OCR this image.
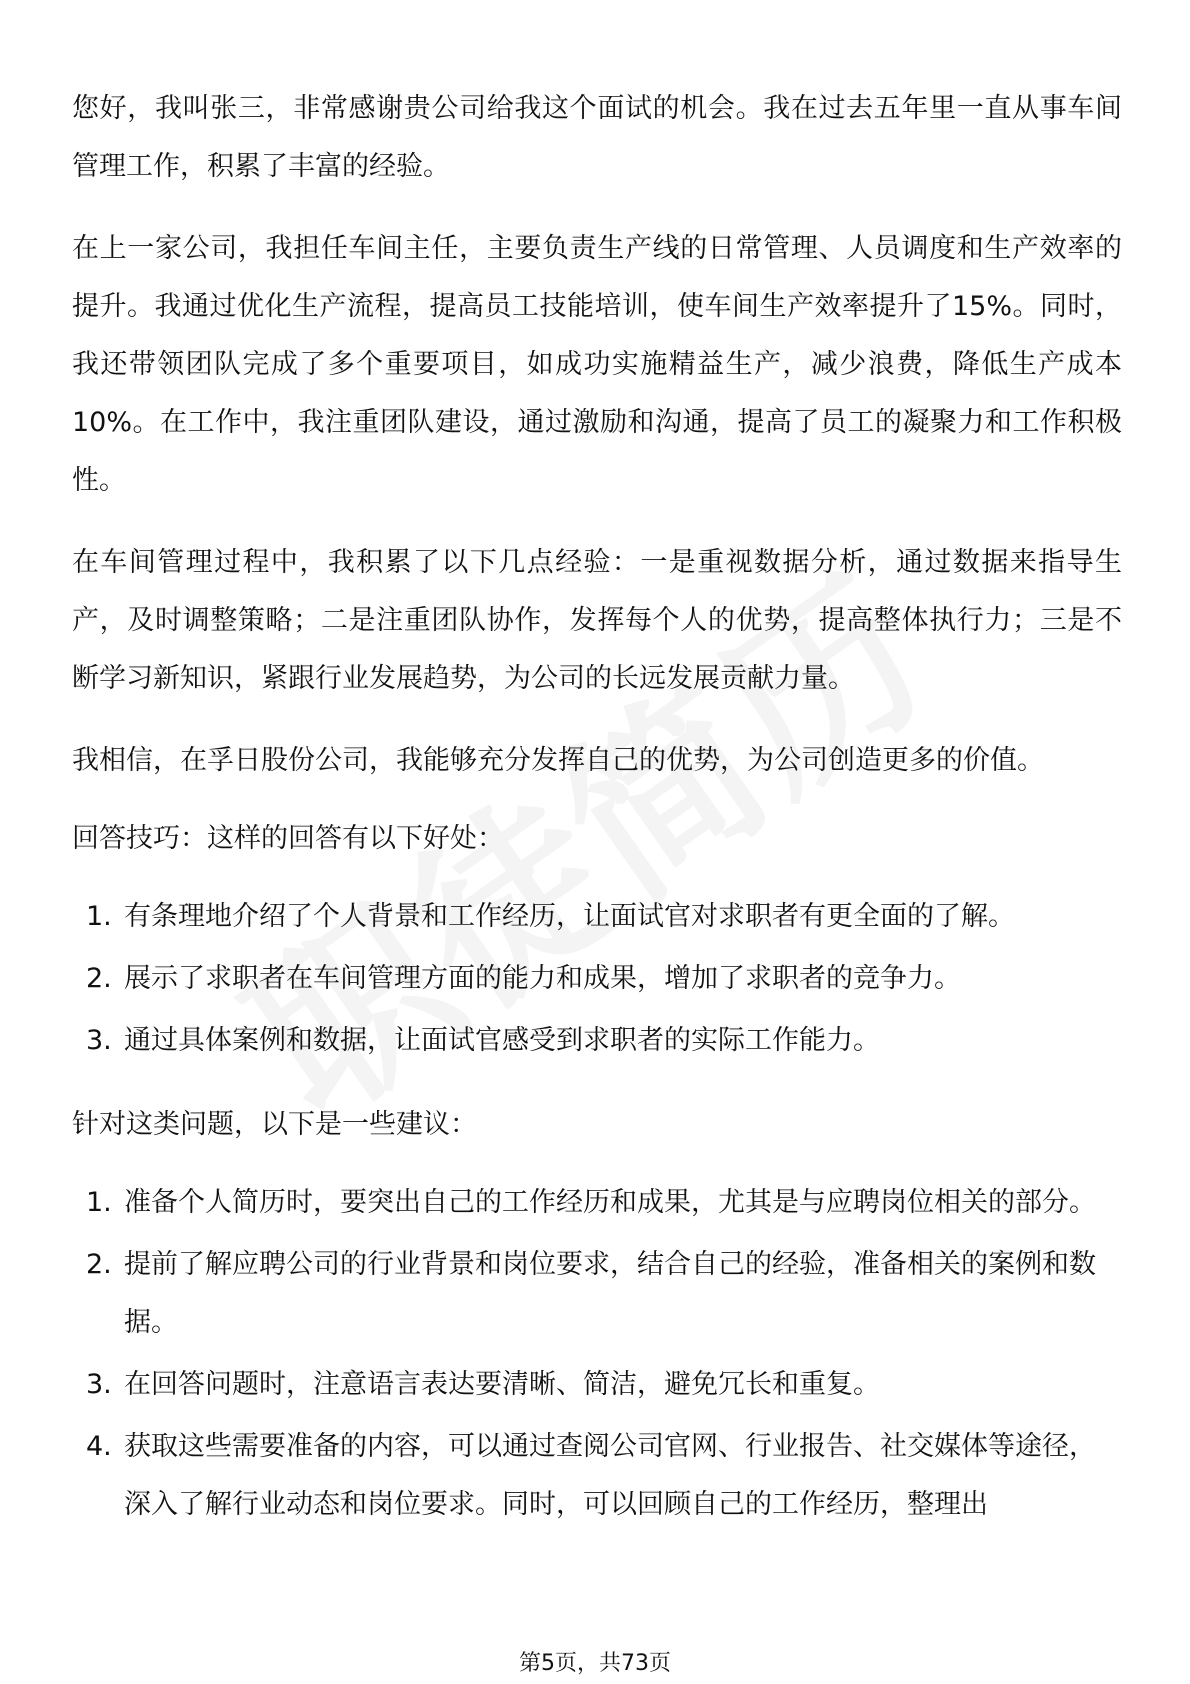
您好，我叫张三，非常感谢贵公司给我这个面试的机会。我在过去五年里一直从事车间管理工作，积累了丰富的经验。

在上一家公司，我担任车间主任，主要负责生产线的日常管理、人员调度和生产效率的提升。我通过优化生产流程，提高员工技能培训，使车间生产效率提升了15%。同时，我还带领团队完成了多个重要项目，如成功实施精益生产，减少浪费，降低生产成本10%。在工作中，我注重团队建设，通过激励和沟通，提高了员工的凝聚力和工作积极性。

在车间管理过程中，我积累了以下几点经验：一是重视数据分析，通过数据来指导生产，及时调整策略；二是注重团队协作，发挥每个人的优势，提高整体执行力；三是不断学习新知识，紧跟行业发展趋势，为公司的长远发展贡献力量。

我相信，在孚日股份公司，我能够充分发挥自己的优势，为公司创造更多的价值。

回答技巧：这样的回答有以下好处：

1. 有条理地介绍了个人背景和工作经历，让面试官对求职者有更全面的了解。
2. 展示了求职者在车间管理方面的能力和成果，增加了求职者的竞争力。
3. 通过具体案例和数据，让面试官感受到求职者的实际工作能力。

针对这类问题，以下是一些建议：

1. 准备个人简历时，要突出自己的工作经历和成果，尤其是与应聘岗位相关的部分。
2. 提前了解应聘公司的行业背景和岗位要求，结合自己的经验，准备相关的案例和数据。
3. 在回答问题时，注意语言表达要清晰、简洁，避免冗长和重复。
4. 获取这些需要准备的内容，可以通过查阅公司官网、行业报告、社交媒体等途径，深入了解行业动态和岗位要求。同时，可以回顾自己的工作经历，整理出
第5页，共73页
